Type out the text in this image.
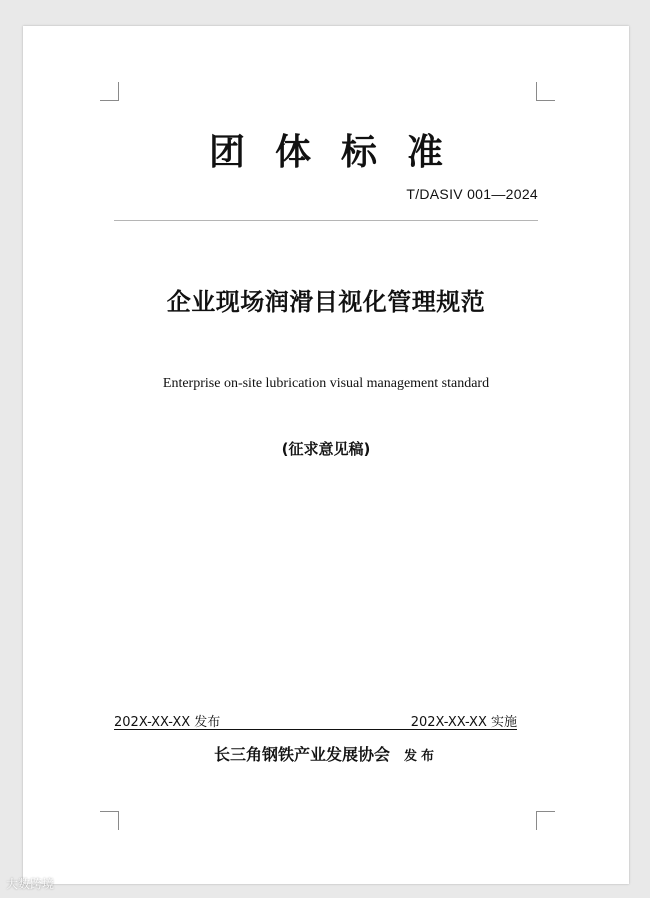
团体标准
T/DASIV 001—2024
企业现场润滑目视化管理规范
Enterprise on-site lubrication visual management standard
(征求意见稿)
202X-XX-XX 发布	202X-XX-XX 实施
长三角钢铁产业发展协会 发布
大数跨境
